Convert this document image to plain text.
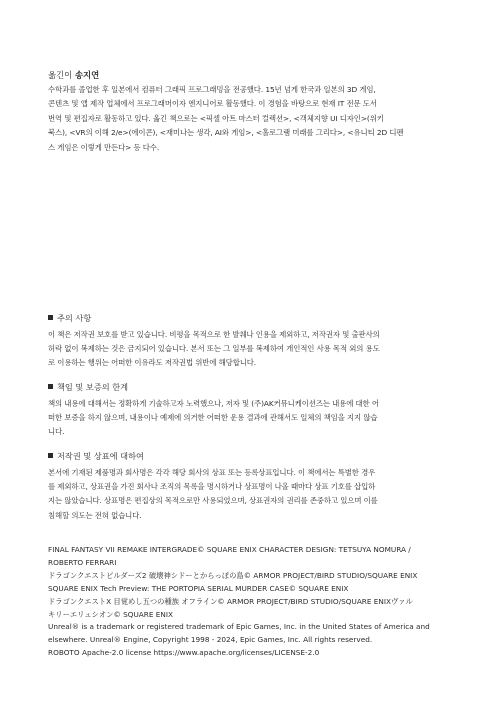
옮긴이 송지연

수학과를 졸업한 후 일본에서 컴퓨터 그래픽 프로그래밍을 전공했다. 15년 넘게 한국과 일본의 3D 게임,
콘텐츠 및 앱 제작 업체에서 프로그래머이자 엔지니어로 활동했다. 이 경험을 바탕으로 현재 IT 전문 도서
번역 및 편집자로 활동하고 있다. 옮긴 책으로는 <픽셀 아트 마스터 컬렉션>, <객체지향 UI 디자인>(위키
북스), <VR의 이해 2/e>(에이콘), <재미나는 생각, AI와 게임>, <홀로그램 미래를 그리다>, <유니티 2D 디펜
스 게임은 이렇게 만든다> 등 다수.

주의 사항

이 책은 저작권 보호를 받고 있습니다. 비평을 목적으로 한 발췌나 인용을 제외하고, 저작권자 및 출판사의
허락 없이 복제하는 것은 금지되어 있습니다. 본서 또는 그 일부를 복제하여 개인적인 사용 목적 외의 용도
로 이용하는 행위는 어떠한 이유라도 저작권법 위반에 해당합니다.

책임 및 보증의 한계

책의 내용에 대해서는 정확하게 기술하고자 노력했으나, 저자 및 (주)AK커뮤니케이션즈는 내용에 대한 어
떠한 보증을 하지 않으며, 내용이나 예제에 의거한 어떠한 운용 결과에 관해서도 일체의 책임을 지지 않습
니다.

저작권 및 상표에 대하여

본서에 기재된 제품명과 회사명은 각각 해당 회사의 상표 또는 등록상표입니다. 이 책에서는 특별한 경우
를 제외하고, 상표권을 가진 회사나 조직의 목록을 명시하거나 상표명이 나올 때마다 상표 기호를 삽입하
지는 않았습니다. 상표명은 편집상의 목적으로만 사용되었으며, 상표권자의 권리를 존중하고 있으며 이를
침해할 의도는 전혀 없습니다.

FINAL FANTASY VII REMAKE INTERGRADE© SQUARE ENIX CHARACTER DESIGN: TETSUYA NOMURA /

ROBERTO FERRARI

ドラゴンクエストビルダーズ2 破壊神シドーとからっぽの島© ARMOR PROJECT/BIRD STUDIO/SQUARE ENIX

SQUARE ENIX Tech Preview: THE PORTOPIA SERIAL MURDER CASE© SQUARE ENIX

ドラゴンクエストX 目覚めし五つの種族 オフライン© ARMOR PROJECT/BIRD STUDIO/SQUARE ENIXヴァル

キリーエリュシオン© SQUARE ENIX

Unreal® is a trademark or registered trademark of Epic Games, Inc. in the United States of America and

elsewhere. Unreal® Engine, Copyright 1998 - 2024, Epic Games, Inc. All rights reserved.

ROBOTO Apache-2.0 license https://www.apache.org/licenses/LICENSE-2.0
